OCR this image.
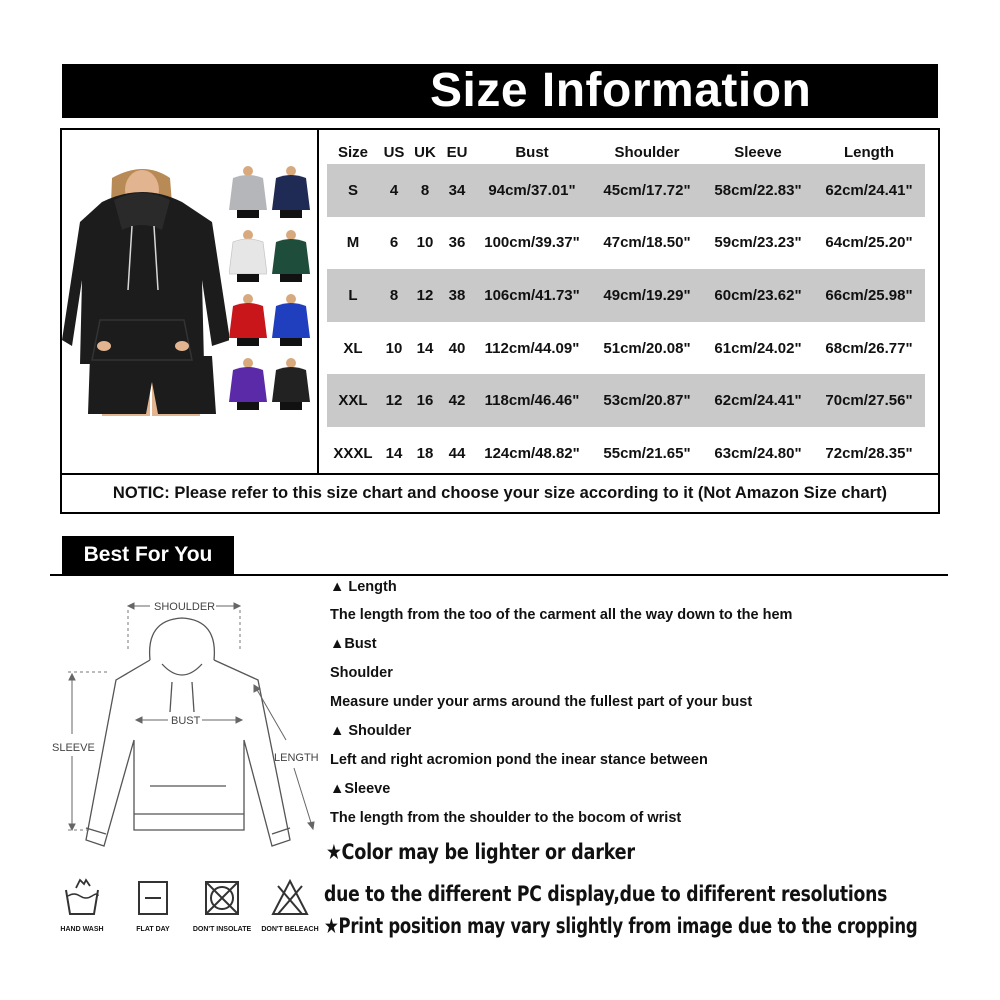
Size Information
NOTIC: Please refer to this size chart and choose your size according to it (Not Amazon Size chart)
Size	US	UK	EU	Bust	Shoulder	Sleeve	Length
S	4	8	34	94cm/37.01"	45cm/17.72"	58cm/22.83"	62cm/24.41"
M	6	10	36	100cm/39.37"	47cm/18.50"	59cm/23.23"	64cm/25.20"
L	8	12	38	106cm/41.73"	49cm/19.29"	60cm/23.62"	66cm/25.98"
XL	10	14	40	112cm/44.09"	51cm/20.08"	61cm/24.02"	68cm/26.77"
XXL	12	16	42	118cm/46.46"	53cm/20.87"	62cm/24.41"	70cm/27.56"
XXXL	14	18	44	124cm/48.82"	55cm/21.65"	63cm/24.80"	72cm/28.35"
Best For You
SHOULDER
BUST
SLEEVE
LENGTH
▲ Length
The length from the too of the carment all the way down to the hem
▲Bust
Shoulder
Measure under your arms around the fullest part of your bust
▲ Shoulder
Left and right acromion pond the inear stance between
▲Sleeve
The length from the shoulder to the bocom of wrist
★Color may be lighter or darker
due to the different PC display,due to dififerent resolutions
★Print position may vary slightly from image due to the cropping
HAND WASH	FLAT DAY	DON'T INSOLATE DON'T BELEACH
